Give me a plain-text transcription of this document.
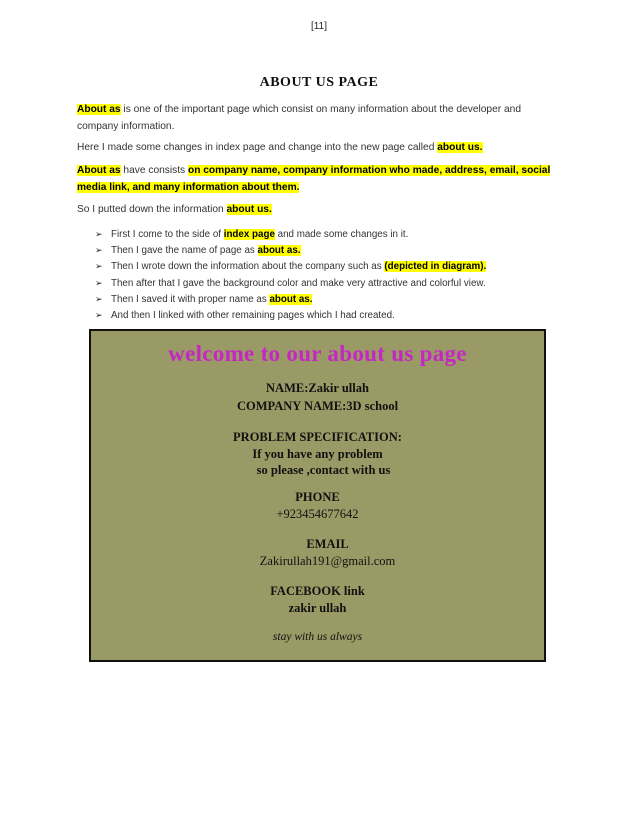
[11]
ABOUT US PAGE
About as is one of the important page which consist on many information about the developer and company information.
Here I made some changes in index page and change into the new page called about us.
About as have consists on company name, company information who made, address, email, social media link, and many information about them.
So I putted down the information about us.
➢ First I come to the side of index page and made some changes in it.
➢ Then I gave the name of page as about as.
➢ Then I wrote down the information about the company such as (depicted in diagram).
➢ Then after that I gave the background color and make very attractive and colorful view.
➢ Then I saved it with proper name as about as.
➢ And then I linked with other remaining pages which I had created.
welcome to our about us page
NAME:Zakir ullah
COMPANY NAME:3D school
PROBLEM SPECIFICATION:
If you have any problem
so please ,contact with us
PHONE
+923454677642
EMAIL
Zakirullah191@gmail.com
FACEBOOK link
zakir ullah
stay with us always
